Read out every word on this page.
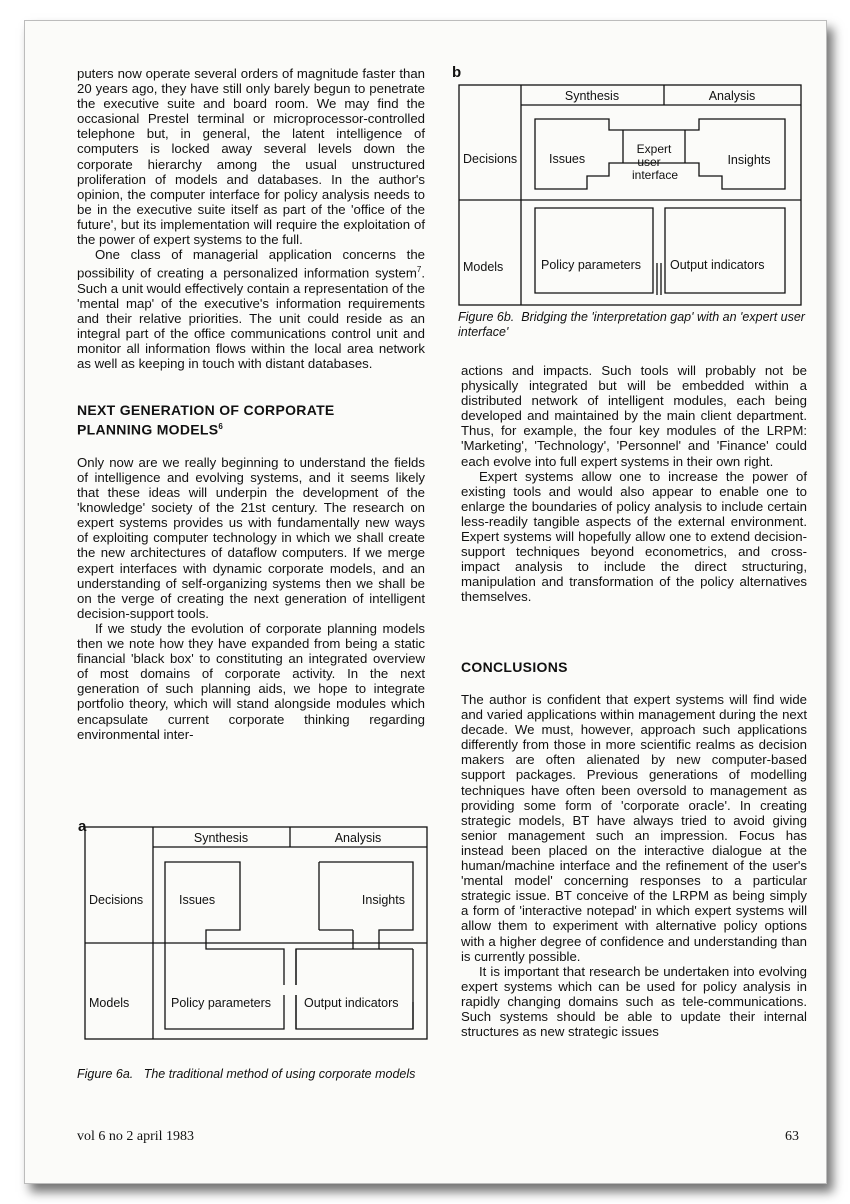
puters now operate several orders of magnitude faster than 20 years ago, they have still only barely begun to penetrate the executive suite and board room. We may find the occasional Prestel terminal or microprocessor-controlled telephone but, in general, the latent intelligence of computers is locked away several levels down the corporate hierarchy among the usual unstructured proliferation of models and databases. In the author's opinion, the computer interface for policy analysis needs to be in the executive suite itself as part of the 'office of the future', but its implementation will require the exploitation of the power of expert systems to the full.

One class of managerial application concerns the possibility of creating a personalized information system$^7$. Such a unit would effectively contain a representation of the 'mental map' of the executive's information requirements and their relative priorities. The unit could reside as an integral part of the office communications control unit and monitor all information flows within the local area network as well as keeping in touch with distant databases.

NEXT GENERATION OF CORPORATE PLANNING MODELS$^6$

Only now are we really beginning to understand the fields of intelligence and evolving systems, and it seems likely that these ideas will underpin the development of the 'knowledge' society of the 21st century. The research on expert systems provides us with fundamentally new ways of exploiting computer technology in which we shall create the new architectures of dataflow computers. If we merge expert interfaces with dynamic corporate models, and an understanding of self-organizing systems then we shall be on the verge of creating the next generation of intelligent decision-support tools.

If we study the evolution of corporate planning models then we note how they have expanded from being a static financial 'black box' to constituting an integrated overview of most domains of corporate activity. In the next generation of such planning aids, we hope to integrate portfolio theory, which will stand alongside modules which encapsulate current corporate thinking regarding environmental inter-

a
Synthesis	Analysis
Decisions
Models
Issues	Insights
Policy parameters	Output indicators
Figure 6a. The traditional method of using corporate models
b
Synthesis	Analysis
Decisions
Models
Issues	Insights
Expert
user
interface
Policy parameters Output indicators
Figure 6b. Bridging the 'interpretation gap' with an 'expert user interface'

actions and impacts. Such tools will probably not be physically integrated but will be embedded within a distributed network of intelligent modules, each being developed and maintained by the main client department. Thus, for example, the four key modules of the LRPM: 'Marketing', 'Technology', 'Personnel' and 'Finance' could each evolve into full expert systems in their own right.

Expert systems allow one to increase the power of existing tools and would also appear to enable one to enlarge the boundaries of policy analysis to include certain less-readily tangible aspects of the external environment. Expert systems will hopefully allow one to extend decision-support techniques beyond econometrics, and cross-impact analysis to include the direct structuring, manipulation and transformation of the policy alternatives themselves.

CONCLUSIONS

The author is confident that expert systems will find wide and varied applications within management during the next decade. We must, however, approach such applications differently from those in more scientific realms as decision makers are often alienated by new computer-based support packages. Previous generations of modelling techniques have often been oversold to management as providing some form of 'corporate oracle'. In creating strategic models, BT have always tried to avoid giving senior management such an impression. Focus has instead been placed on the interactive dialogue at the human/machine interface and the refinement of the user's 'mental model' concerning responses to a particular strategic issue. BT conceive of the LRPM as being simply a form of 'interactive notepad' in which expert systems will allow them to experiment with alternative policy options with a higher degree of confidence and understanding than is currently possible.

It is important that research be undertaken into evolving expert systems which can be used for policy analysis in rapidly changing domains such as tele-communications. Such systems should be able to update their internal structures as new strategic issues

vol 6 no 2 april 1983	63
